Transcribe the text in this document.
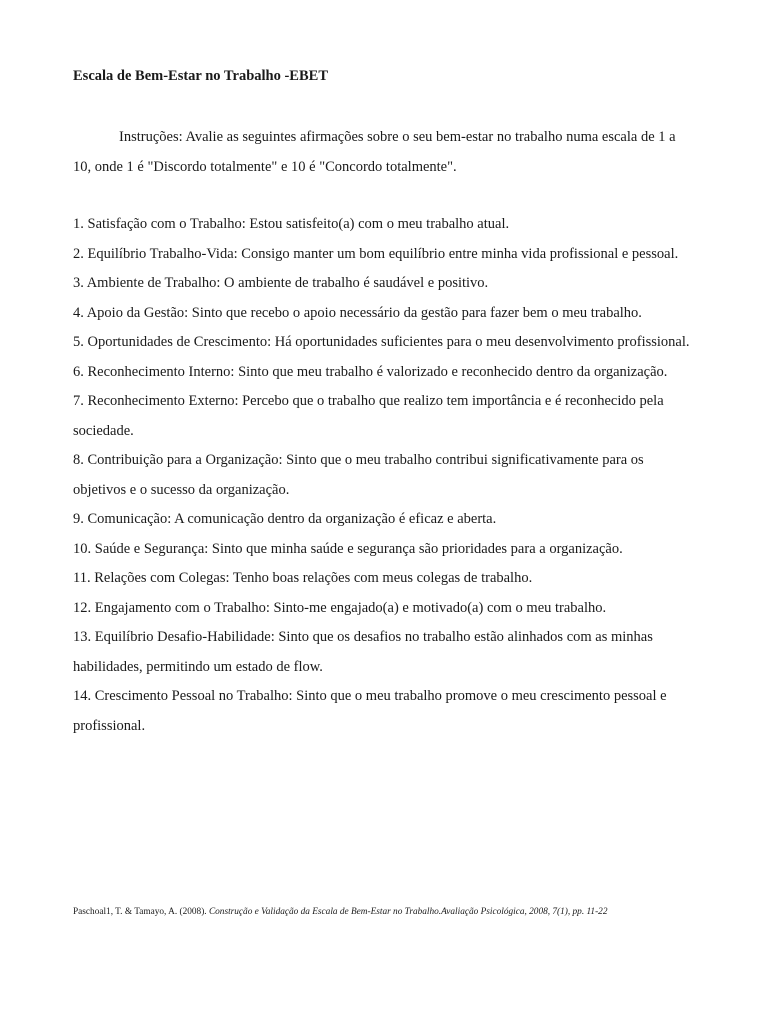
Escala de Bem-Estar no Trabalho -EBET

Instruções: Avalie as seguintes afirmações sobre o seu bem-estar no trabalho numa escala de 1 a 10, onde 1 é "Discordo totalmente" e 10 é "Concordo totalmente".

1. Satisfação com o Trabalho: Estou satisfeito(a) com o meu trabalho atual.
2. Equilíbrio Trabalho-Vida: Consigo manter um bom equilíbrio entre minha vida profissional e pessoal.
3. Ambiente de Trabalho: O ambiente de trabalho é saudável e positivo.
4. Apoio da Gestão: Sinto que recebo o apoio necessário da gestão para fazer bem o meu trabalho.
5. Oportunidades de Crescimento: Há oportunidades suficientes para o meu desenvolvimento profissional.
6. Reconhecimento Interno: Sinto que meu trabalho é valorizado e reconhecido dentro da organização.
7. Reconhecimento Externo: Percebo que o trabalho que realizo tem importância e é reconhecido pela sociedade.
8. Contribuição para a Organização: Sinto que o meu trabalho contribui significativamente para os objetivos e o sucesso da organização.
9. Comunicação: A comunicação dentro da organização é eficaz e aberta.
10. Saúde e Segurança: Sinto que minha saúde e segurança são prioridades para a organização.
11. Relações com Colegas: Tenho boas relações com meus colegas de trabalho.
12. Engajamento com o Trabalho: Sinto-me engajado(a) e motivado(a) com o meu trabalho.
13. Equilíbrio Desafio-Habilidade: Sinto que os desafios no trabalho estão alinhados com as minhas habilidades, permitindo um estado de flow.
14. Crescimento Pessoal no Trabalho: Sinto que o meu trabalho promove o meu crescimento pessoal e profissional.

Paschoal1, T. & Tamayo, A. (2008). Construção e Validação da Escala de Bem-Estar no Trabalho.Avaliação Psicológica, 2008, 7(1), pp. 11-22
